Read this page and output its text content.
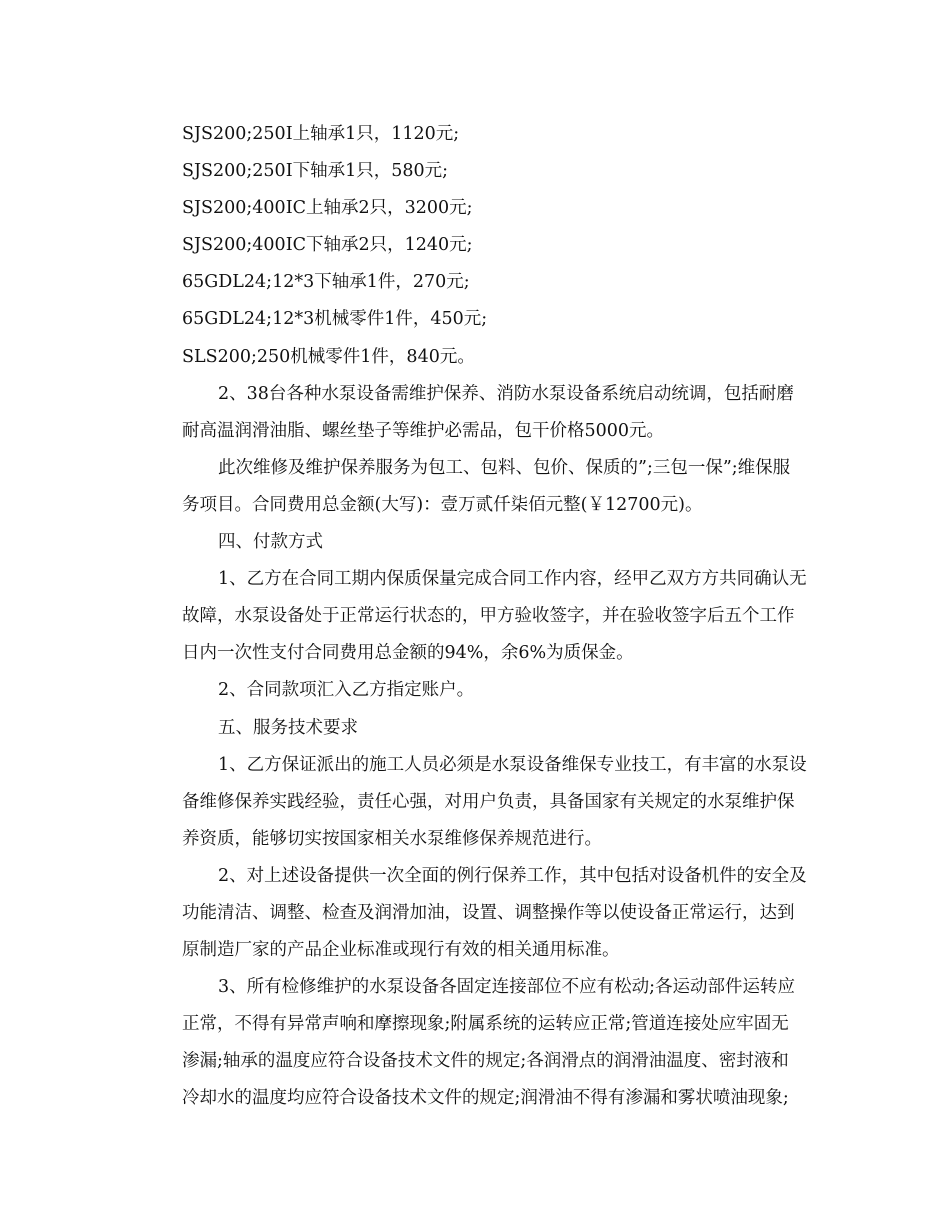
SJS200;250I上轴承1只，1120元;
SJS200;250I下轴承1只，580元;
SJS200;400IC上轴承2只，3200元;
SJS200;400IC下轴承2只，1240元;
65GDL24;12*3下轴承1件，270元;
65GDL24;12*3机械零件1件，450元;
SLS200;250机械零件1件，840元。
2、38台各种水泵设备需维护保养、消防水泵设备系统启动统调，包括耐磨
耐高温润滑油脂、螺丝垫子等维护必需品，包干价格5000元。
此次维修及维护保养服务为包工、包料、包价、保质的”;三包一保”;维保服
务项目。合同费用总金额(大写)：壹万贰仟柒佰元整(￥12700元)。
四、付款方式
1、乙方在合同工期内保质保量完成合同工作内容，经甲乙双方方共同确认无
故障，水泵设备处于正常运行状态的，甲方验收签字，并在验收签字后五个工作
日内一次性支付合同费用总金额的94%，余6%为质保金。
2、合同款项汇入乙方指定账户。
五、服务技术要求
1、乙方保证派出的施工人员必须是水泵设备维保专业技工，有丰富的水泵设
备维修保养实践经验，责任心强，对用户负责，具备国家有关规定的水泵维护保
养资质，能够切实按国家相关水泵维修保养规范进行。
2、对上述设备提供一次全面的例行保养工作，其中包括对设备机件的安全及
功能清洁、调整、检查及润滑加油，设置、调整操作等以使设备正常运行，达到
原制造厂家的产品企业标准或现行有效的相关通用标准。
3、所有检修维护的水泵设备各固定连接部位不应有松动;各运动部件运转应
正常，不得有异常声响和摩擦现象;附属系统的运转应正常;管道连接处应牢固无
渗漏;轴承的温度应符合设备技术文件的规定;各润滑点的润滑油温度、密封液和
冷却水的温度均应符合设备技术文件的规定;润滑油不得有渗漏和雾状喷油现象;
